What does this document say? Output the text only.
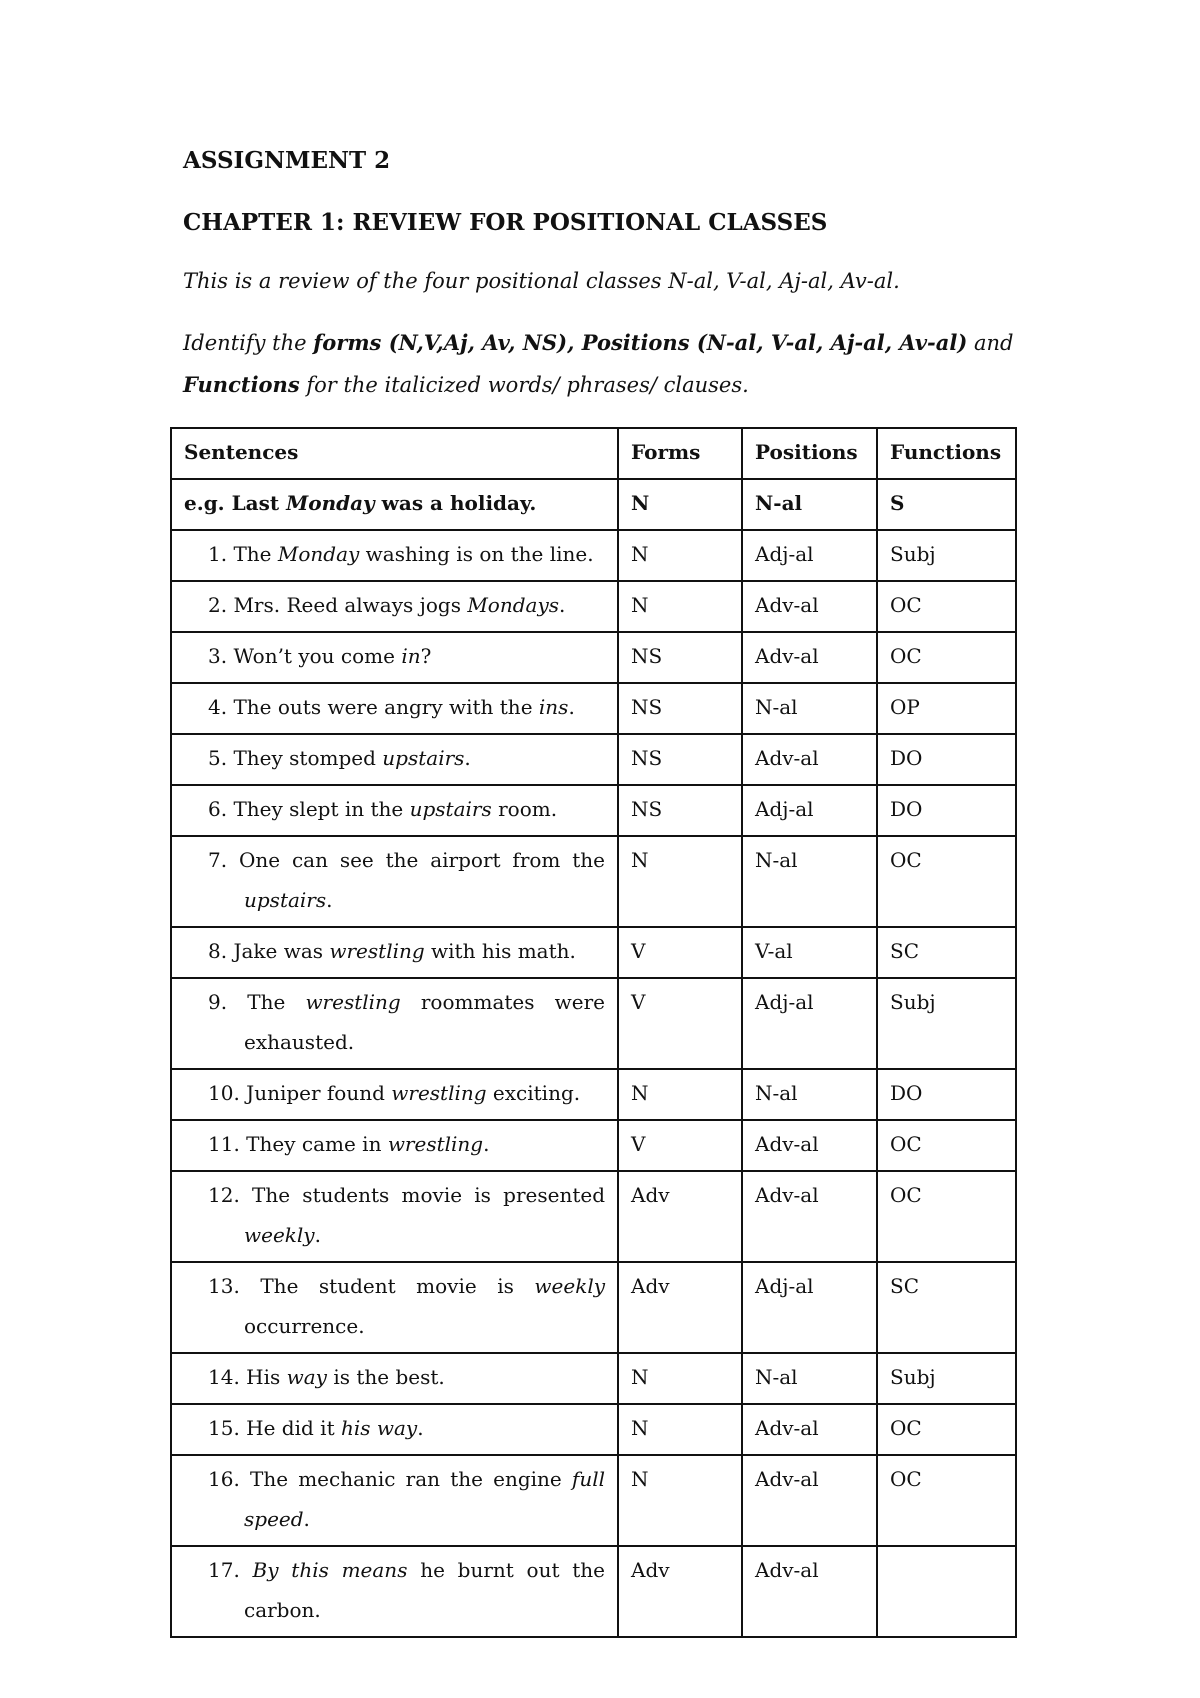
ASSIGNMENT 2
CHAPTER 1: REVIEW FOR POSITIONAL CLASSES
This is a review of the four positional classes N-al, V-al, Aj-al, Av-al.
Identify the forms (N,V,Aj, Av, NS), Positions (N-al, V-al, Aj-al, Av-al) and Functions for the italicized words/ phrases/ clauses.
Sentences	Forms	Positions	Functions
e.g. Last Monday was a holiday.	N	N-al	S

1. The Monday washing is on the line.	N	Adj-al	Subj

2. Mrs. Reed always jogs Mondays.	N	Adv-al	OC

3. Won’t you come in?	NS	Adv-al	OC

4. The outs were angry with the ins.	NS	N-al	OP

5. They stomped upstairs.	NS	Adv-al	DO

6. They slept in the upstairs room.	NS	Adj-al	DO

7. One can see the airport from the upstairs.	N	N-al	OC

8. Jake was wrestling with his math.	V	V-al	SC

9. The wrestling roommates were exhausted.	V	Adj-al	Subj

10. Juniper found wrestling exciting.	N	N-al	DO

11. They came in wrestling.	V	Adv-al	OC

12. The students movie is presented weekly.	Adv	Adv-al	OC

13. The student movie is weekly occurrence.	Adv	Adj-al	SC

14. His way is the best.	N	N-al	Subj

15. He did it his way.	N	Adv-al	OC

16. The mechanic ran the engine full speed.	N	Adv-al	OC

17. By this means he burnt out the carbon.	Adv	Adv-al	
